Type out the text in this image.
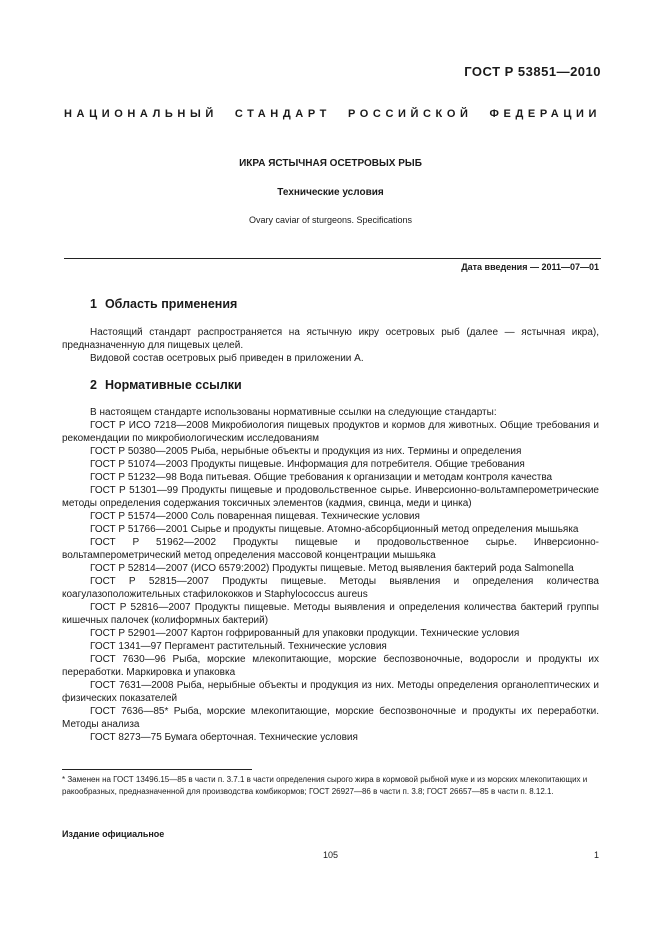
ГОСТ Р 53851—2010
НАЦИОНАЛЬНЫЙ СТАНДАРТ РОССИЙСКОЙ ФЕДЕРАЦИИ
ИКРА ЯСТЫЧНАЯ ОСЕТРОВЫХ РЫБ
Технические условия
Ovary caviar of sturgeons. Specifications
Дата введения — 2011—07—01
1 Область применения
Настоящий стандарт распространяется на ястычную икру осетровых рыб (далее — ястычная икра), предназначенную для пищевых целей.
Видовой состав осетровых рыб приведен в приложении А.
2 Нормативные ссылки
В настоящем стандарте использованы нормативные ссылки на следующие стандарты:
ГОСТ Р ИСО 7218—2008 Микробиология пищевых продуктов и кормов для животных. Общие требования и рекомендации по микробиологическим исследованиям
ГОСТ Р 50380—2005 Рыба, нерыбные объекты и продукция из них. Термины и определения
ГОСТ Р 51074—2003 Продукты пищевые. Информация для потребителя. Общие требования
ГОСТ Р 51232—98 Вода питьевая. Общие требования к организации и методам контроля качества
ГОСТ Р 51301—99 Продукты пищевые и продовольственное сырье. Инверсионно-вольтамперометрические методы определения содержания токсичных элементов (кадмия, свинца, меди и цинка)
ГОСТ Р 51574—2000 Соль поваренная пищевая. Технические условия
ГОСТ Р 51766—2001 Сырье и продукты пищевые. Атомно-абсорбционный метод определения мышьяка
ГОСТ Р 51962—2002 Продукты пищевые и продовольственное сырье. Инверсионно-вольтамперометрический метод определения массовой концентрации мышьяка
ГОСТ Р 52814—2007 (ИСО 6579:2002) Продукты пищевые. Метод выявления бактерий рода Salmonella
ГОСТ Р 52815—2007 Продукты пищевые. Методы выявления и определения количества коагулазоположительных стафилококков и Staphylococcus aureus
ГОСТ Р 52816—2007 Продукты пищевые. Методы выявления и определения количества бактерий группы кишечных палочек (колиформных бактерий)
ГОСТ Р 52901—2007 Картон гофрированный для упаковки продукции. Технические условия
ГОСТ 1341—97 Пергамент растительный. Технические условия
ГОСТ 7630—96 Рыба, морские млекопитающие, морские беспозвоночные, водоросли и продукты их переработки. Маркировка и упаковка
ГОСТ 7631—2008 Рыба, нерыбные объекты и продукция из них. Методы определения органолептических и физических показателей
ГОСТ 7636—85* Рыба, морские млекопитающие, морские беспозвоночные и продукты их переработки. Методы анализа
ГОСТ 8273—75 Бумага оберточная. Технические условия
* Заменен на ГОСТ 13496.15—85 в части п. 3.7.1 в части определения сырого жира в кормовой рыбной муке и из морских млекопитающих и ракообразных, предназначенной для производства комбикормов; ГОСТ 26927—86 в части п. 3.8; ГОСТ 26657—85 в части п. 8.12.1.
Издание официальное
105	1
